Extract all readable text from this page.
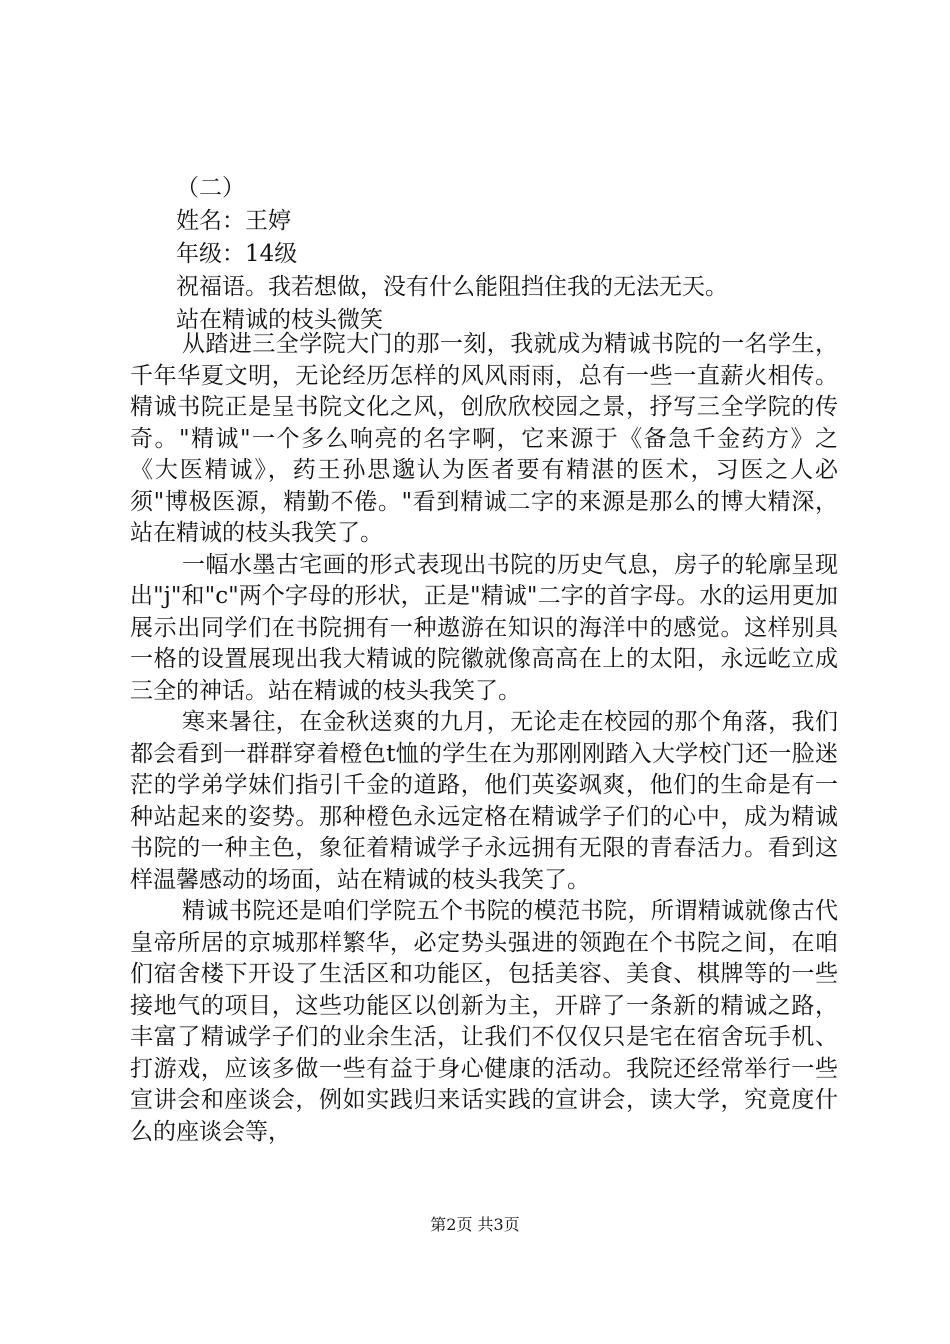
（二）
姓名：王婷
年级：14级
祝福语。我若想做，没有什么能阻挡住我的无法无天。
站在精诚的枝头微笑

从踏进三全学院大门的那一刻，我就成为精诚书院的一名学生，千年华夏文明，无论经历怎样的风风雨雨，总有一些一直薪火相传。精诚书院正是呈书院文化之风，创欣欣校园之景，抒写三全学院的传奇。"精诚"一个多么响亮的名字啊，它来源于《备急千金药方》之《大医精诚》，药王孙思邈认为医者要有精湛的医术，习医之人必须"博极医源，精勤不倦。"看到精诚二字的来源是那么的博大精深，站在精诚的枝头我笑了。

一幅水墨古宅画的形式表现出书院的历史气息，房子的轮廓呈现出"j"和"c"两个字母的形状，正是"精诚"二字的首字母。水的运用更加展示出同学们在书院拥有一种遨游在知识的海洋中的感觉。这样别具一格的设置展现出我大精诚的院徽就像高高在上的太阳，永远屹立成三全的神话。站在精诚的枝头我笑了。

寒来暑往，在金秋送爽的九月，无论走在校园的那个角落，我们都会看到一群群穿着橙色t恤的学生在为那刚刚踏入大学校门还一脸迷茫的学弟学妹们指引千金的道路，他们英姿飒爽，他们的生命是有一种站起来的姿势。那种橙色永远定格在精诚学子们的心中，成为精诚书院的一种主色，象征着精诚学子永远拥有无限的青春活力。看到这样温馨感动的场面，站在精诚的枝头我笑了。

精诚书院还是咱们学院五个书院的模范书院，所谓精诚就像古代皇帝所居的京城那样繁华，必定势头强进的领跑在个书院之间，在咱们宿舍楼下开设了生活区和功能区，包括美容、美食、棋牌等的一些接地气的项目，这些功能区以创新为主，开辟了一条新的精诚之路，丰富了精诚学子们的业余生活，让我们不仅仅只是宅在宿舍玩手机、打游戏，应该多做一些有益于身心健康的活动。我院还经常举行一些宣讲会和座谈会，例如实践归来话实践的宣讲会，读大学，究竟度什么的座谈会等，

第2页 共3页
